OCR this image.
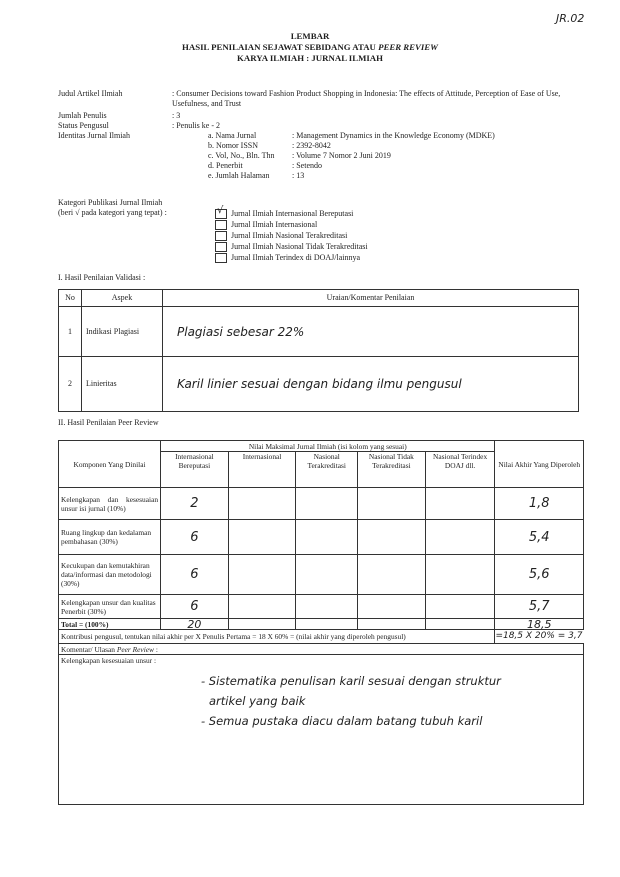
JR.02
LEMBAR
HASIL PENILAIAN SEJAWAT SEBIDANG ATAU PEER REVIEW
KARYA ILMIAH : JURNAL ILMIAH
Judul Artikel Ilmiah	: Consumer Decisions toward Fashion Product Shopping in Indonesia: The effects of Attitude, Perception of Ease of Use, Usefulness, and Trust
Jumlah Penulis	: 3
Status Pengusul	: Penulis ke - 2
Identitas Jurnal Ilmiah	a. Nama Jurnal	: Management Dynamics in the Knowledge Economy (MDKE)
b. Nomor ISSN	: 2392-8042
c. Vol, No., Bln. Thn	: Volume 7 Nomor 2 Juni 2019
d. Penerbit	: Setendo
e. Jumlah Halaman	: 13
Kategori Publikasi Jurnal Ilmiah
(beri √ pada kategori yang tepat) :	√ Jurnal Ilmiah Internasional Bereputasi
Jurnal Ilmiah Internasional
Jurnal Ilmiah Nasional Terakreditasi
Jurnal Ilmiah Nasional Tidak Terakreditasi
Jurnal Ilmiah Terindex di DOAJ/lainnya
I. Hasil Penilaian Validasi :
No	Aspek	Uraian/Komentar Penilaian
1	Indikasi Plagiasi	Plagiasi sebesar 22%
2	Linieritas	Karil linier sesuai dengan bidang ilmu pengusul
II. Hasil Penilaian Peer Review
Komponen Yang Dinilai	Nilai Maksimal Jurnal Ilmiah (isi kolom yang sesuai)					Nilai Akhir Yang Diperoleh
	Internasional Bereputasi	Internasional	Nasional Terakreditasi	Nasional Tidak Terakreditasi	Nasional Terindex DOAJ dll.	
Kelengkapan dan kesesuaian unsur isi jurnal (10%)	2					1,8
Ruang lingkup dan kedalaman pembahasan (30%)	6					5,4
Kecukupan dan kemutakhiran data/informasi dan metodologi (30%)	6					5,6
Kelengkapan unsur dan kualitas Penerbit (30%)	6					5,7
Total = (100%)	20					18,5
Kontribusi pengusul, tentukan nilai akhir per X Penulis Pertama = 18 X 60% = (nilai akhir yang diperoleh pengusul)						=18,5 X 20% = 3,7
Komentar/ Ulasan Peer Review :						

Kelengkapan kesesuaian unsur :
- Sistematika penulisan karil sesuai dengan struktur
artikel yang baik
- Semua pustaka diacu dalam batang tubuh karil						
